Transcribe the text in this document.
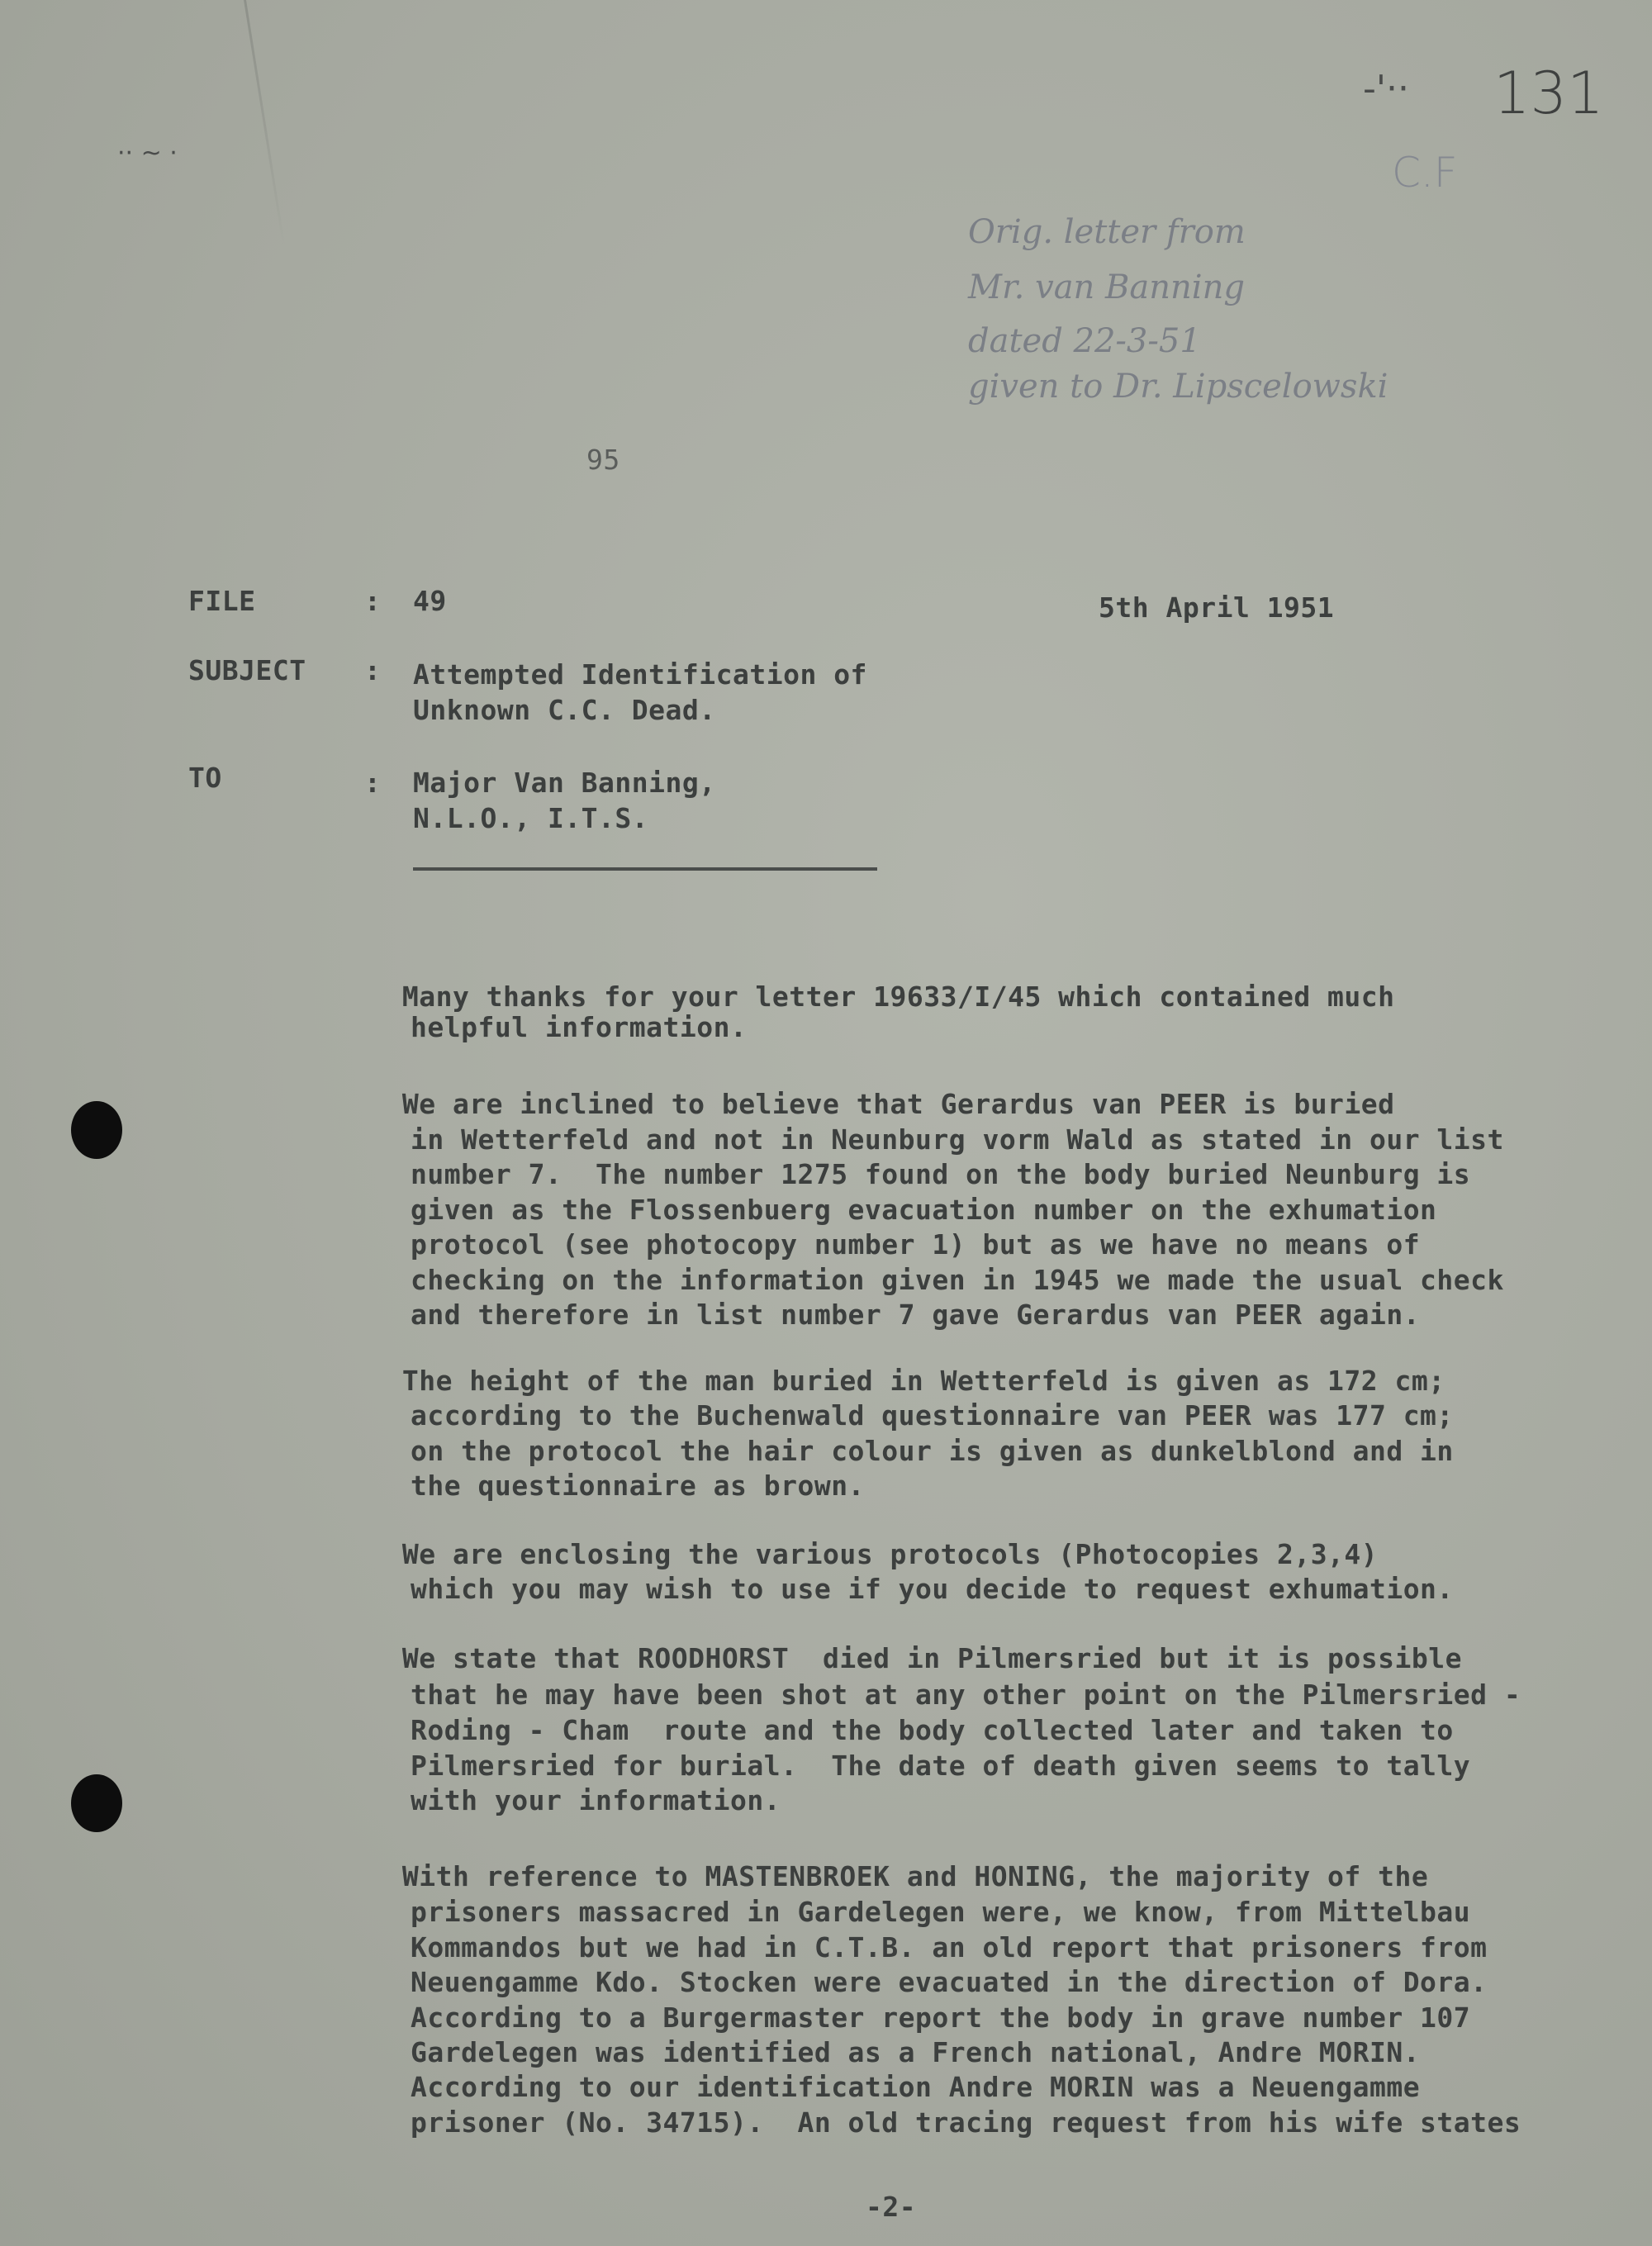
·· ~ ·
-'·· 131
C.F
Orig. letter from
Mr. van Banning
dated 22-3-51
given to Dr. Lipscelowski
95
FILE	: 49	5th April 1951
SUBJECT : Attempted Identification of
Unknown C.C. Dead.
TO	: Major Van Banning,
N.L.O., I.T.S.
Many thanks for your letter 19633/I/45 which contained much
helpful information.
We are inclined to believe that Gerardus van PEER is buried
in Wetterfeld and not in Neunburg vorm Wald as stated in our list
number 7.  The number 1275 found on the body buried Neunburg is
given as the Flossenbuerg evacuation number on the exhumation
protocol (see photocopy number 1) but as we have no means of
checking on the information given in 1945 we made the usual check
and therefore in list number 7 gave Gerardus van PEER again.
The height of the man buried in Wetterfeld is given as 172 cm;
according to the Buchenwald questionnaire van PEER was 177 cm;
on the protocol the hair colour is given as dunkelblond and in
the questionnaire as brown.
We are enclosing the various protocols (Photocopies 2,3,4)
which you may wish to use if you decide to request exhumation.
We state that ROODHORST  died in Pilmersried but it is possible
that he may have been shot at any other point on the Pilmersried -
Roding - Cham  route and the body collected later and taken to
Pilmersried for burial.  The date of death given seems to tally
with your information.
With reference to MASTENBROEK and HONING, the majority of the
prisoners massacred in Gardelegen were, we know, from Mittelbau
Kommandos but we had in C.T.B. an old report that prisoners from
Neuengamme Kdo. Stocken were evacuated in the direction of Dora.
According to a Burgermaster report the body in grave number 107
Gardelegen was identified as a French national, Andre MORIN.
According to our identification Andre MORIN was a Neuengamme
prisoner (No. 34715).  An old tracing request from his wife states
-2-
